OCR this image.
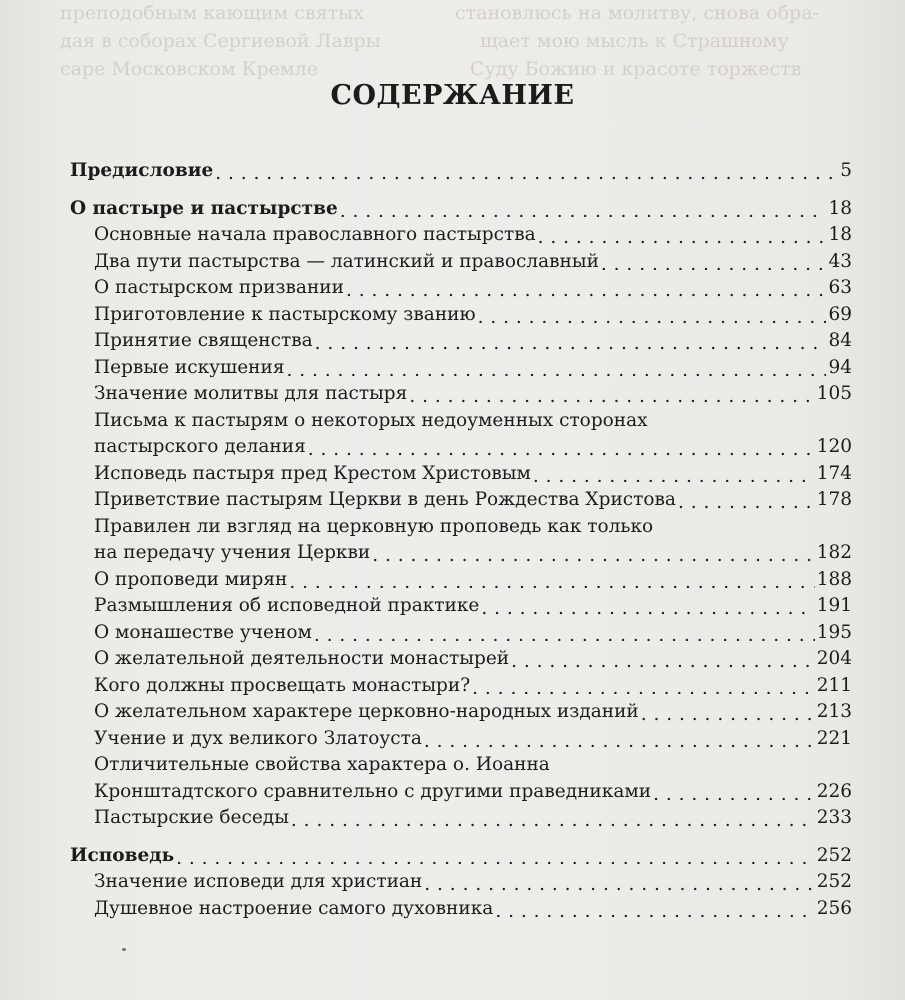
становлюсь на молитву, снова обра-
щает мою мысль к Страшному
Суду Божию и красоте торжеств
преподобным кающим святых
дая в соборах Сергиевой Лавры
саре Московском Кремле
СОДЕРЖАНИЕ
Предисловие . . .	5
О пастыре и пастырстве . . .	18
Основные начала православного пастырства . . .	18
Два пути пастырства — латинский и православный . . .	43
О пастырском призвании . . .	63
Приготовление к пастырскому званию . . .	69
Принятие священства . . .	84
Первые искушения . . .	94
Значение молитвы для пастыря . . .	105
Письма к пастырям о некоторых недоуменных сторонах
пастырского делания . . .	120
Исповедь пастыря пред Крестом Христовым . . .	174
Приветствие пастырям Церкви в день Рождества Христова . . .	178
Правилен ли взгляд на церковную проповедь как только
на передачу учения Церкви . . .	182
О проповеди мирян . . .	188
Размышления об исповедной практике . . .	191
О монашестве ученом . . .	195
О желательной деятельности монастырей . . .	204
Кого должны просвещать монастыри? . . .	211
О желательном характере церковно-народных изданий . . .	213
Учение и дух великого Златоуста . . .	221
Отличительные свойства характера о. Иоанна
Кронштадтского сравнительно с другими праведниками . . .	226
Пастырские беседы . . .	233
Исповедь . . .	252
Значение исповеди для христиан . . .	252
Душевное настроение самого духовника . . .	256
